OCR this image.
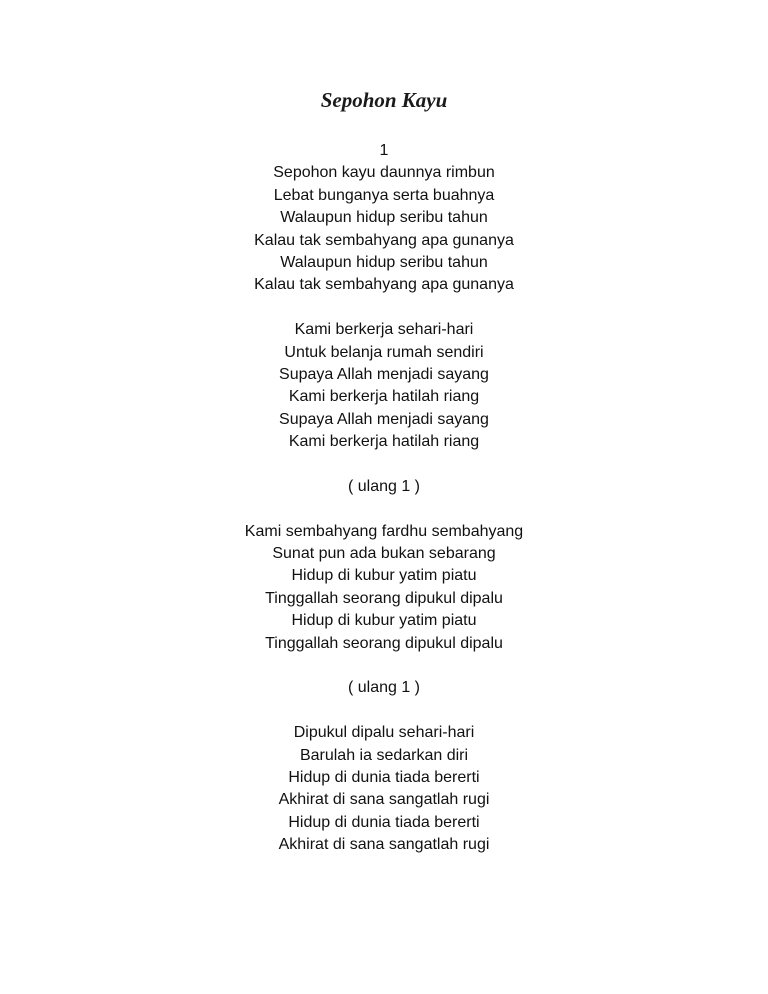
Sepohon Kayu
1
Sepohon kayu daunnya rimbun
Lebat bunganya serta buahnya
Walaupun hidup seribu tahun
Kalau tak sembahyang apa gunanya
Walaupun hidup seribu tahun
Kalau tak sembahyang apa gunanya
Kami berkerja sehari-hari
Untuk belanja rumah sendiri
Supaya Allah menjadi sayang
Kami berkerja hatilah riang
Supaya Allah menjadi sayang
Kami berkerja hatilah riang
( ulang 1 )
Kami sembahyang fardhu sembahyang
Sunat pun ada bukan sebarang
Hidup di kubur yatim piatu
Tinggallah seorang dipukul dipalu
Hidup di kubur yatim piatu
Tinggallah seorang dipukul dipalu
( ulang 1 )
Dipukul dipalu sehari-hari
Barulah ia sedarkan diri
Hidup di dunia tiada bererti
Akhirat di sana sangatlah rugi
Hidup di dunia tiada bererti
Akhirat di sana sangatlah rugi
